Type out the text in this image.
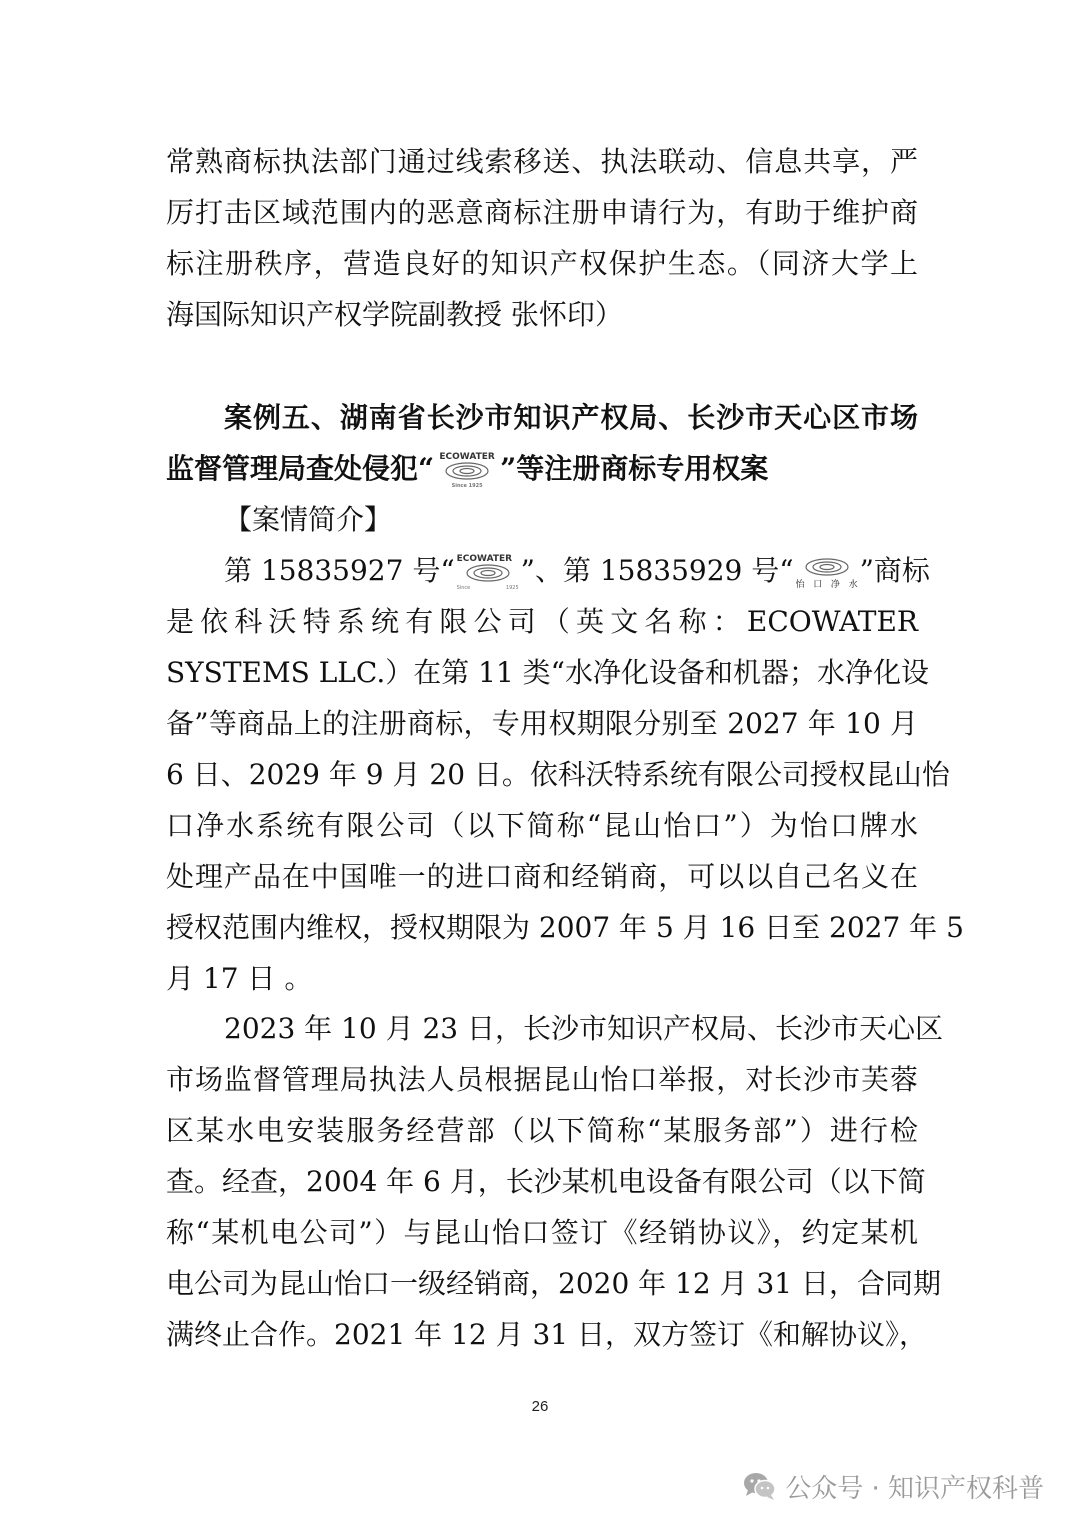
常熟商标执法部门通过线索移送、执法联动、信息共享，严
厉打击区域范围内的恶意商标注册申请行为，有助于维护商
标注册秩序，营造良好的知识产权保护生态。（同济大学上
海国际知识产权学院副教授 张怀印）
案例五、湖南省长沙市知识产权局、长沙市天心区市场
监督管理局查处侵犯“ ECOWATER
Since 1925
”等注册商标专用权案
【案情简介】
第 15835927 号“ ECOWATER
Since 1925
”、第 15835929 号“ 怡口净水 ”商标
是依科沃特系统有限公司（英文名称：ECOWATER
SYSTEMS LLC.）在第 11 类“水净化设备和机器；水净化设
备”等商品上的注册商标，专用权期限分别至 2027 年 10 月
6 日、2029 年 9 月 20 日。依科沃特系统有限公司授权昆山怡
口净水系统有限公司（以下简称“昆山怡口”）为怡口牌水
处理产品在中国唯一的进口商和经销商，可以以自己名义在
授权范围内维权，授权期限为 2007 年 5 月 16 日至 2027 年 5
月 17 日 。
2023 年 10 月 23 日，长沙市知识产权局、长沙市天心区
市场监督管理局执法人员根据昆山怡口举报，对长沙市芙蓉
区某水电安装服务经营部（以下简称“某服务部”）进行检
查。经查，2004 年 6 月，长沙某机电设备有限公司（以下简
称“某机电公司”）与昆山怡口签订《经销协议》，约定某机
电公司为昆山怡口一级经销商，2020 年 12 月 31 日，合同期
满终止合作。2021 年 12 月 31 日，双方签订《和解协议》，
26
公众号 · 知识产权科普
